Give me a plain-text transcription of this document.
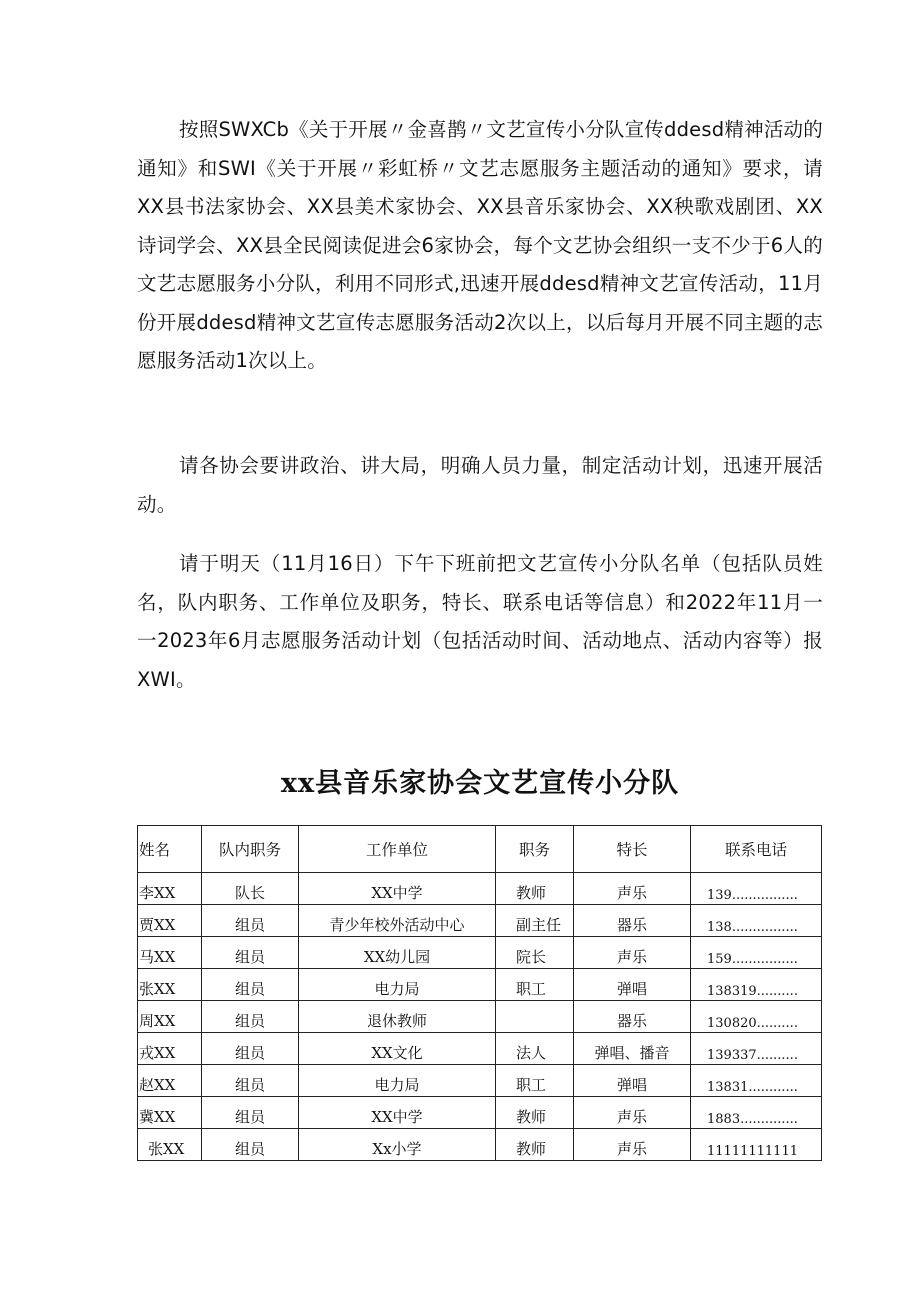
按照SWXCb《关于开展〃金喜鹊〃文艺宣传小分队宣传ddesd精神活动的通知》和SWI《关于开展〃彩虹桥〃文艺志愿服务主题活动的通知》要求，请XX县书法家协会、XX县美术家协会、XX县音乐家协会、XX秧歌戏剧团、XX诗词学会、XX县全民阅读促进会6家协会，每个文艺协会组织一支不少于6人的文艺志愿服务小分队，利用不同形式,迅速开展ddesd精神文艺宣传活动，11月份开展ddesd精神文艺宣传志愿服务活动2次以上，以后每月开展不同主题的志愿服务活动1次以上。

请各协会要讲政治、讲大局，明确人员力量，制定活动计划，迅速开展活动。

请于明天（11月16日）下午下班前把文艺宣传小分队名单（包括队员姓名，队内职务、工作单位及职务，特长、联系电话等信息）和2022年11月一一2023年6月志愿服务活动计划（包括活动时间、活动地点、活动内容等）报XWI。

xx县音乐家协会文艺宣传小分队
姓名	队内职务	工作单位	职务	特长	联系电话
李XX	队长	XX中学	教师	声乐	139................
贾XX	组员	青少年校外活动中心	副主任	器乐	138................
马XX	组员	XX幼儿园	院长	声乐	159................
张XX	组员	电力局	职工	弹唱	138319..........
周XX	组员	退休教师		器乐	130820..........
戎XX	组员	XX文化	法人	弹唱、播音	139337..........
赵XX	组员	电力局	职工	弹唱	13831............
冀XX	组员	XX中学	教师	声乐	1883..............
张XX	组员	Xx小学	教师	声乐	11111111111
